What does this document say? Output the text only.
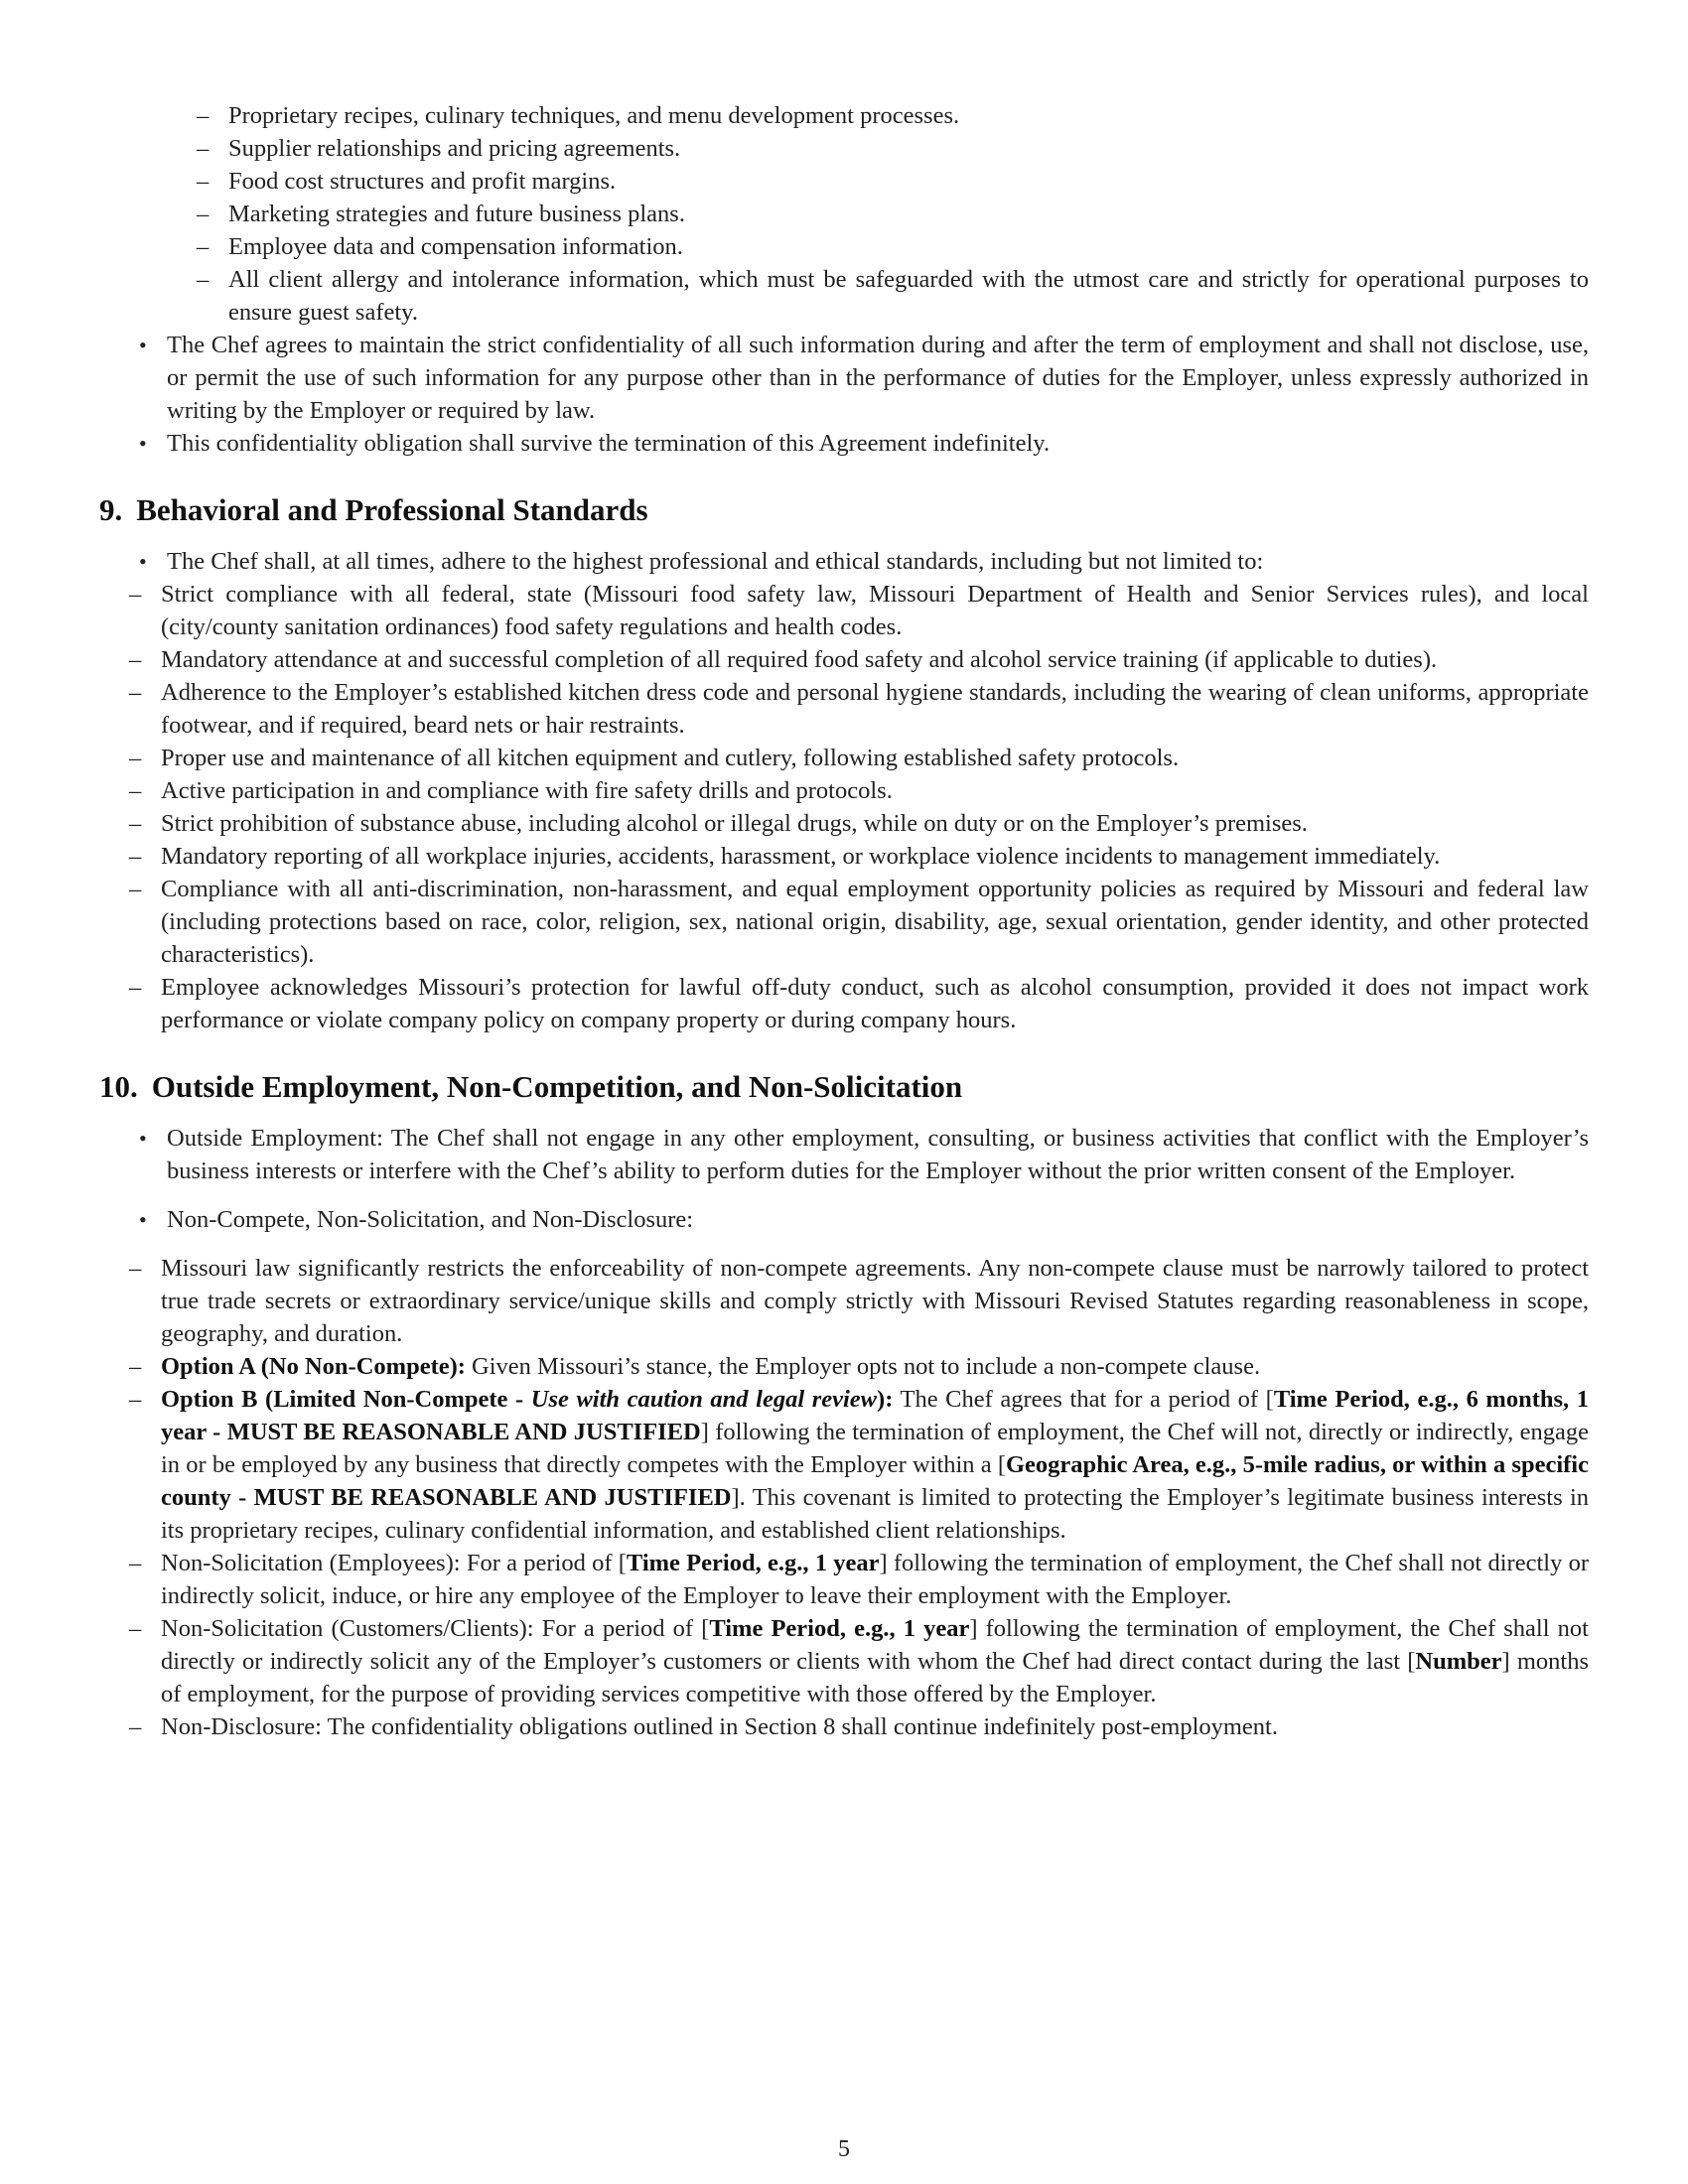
– Proprietary recipes, culinary techniques, and menu development processes.
– Supplier relationships and pricing agreements.
– Food cost structures and profit margins.
– Marketing strategies and future business plans.
– Employee data and compensation information.
– All client allergy and intolerance information, which must be safeguarded with the utmost care and strictly for operational purposes to ensure guest safety.
• The Chef agrees to maintain the strict confidentiality of all such information during and after the term of employment and shall not disclose, use, or permit the use of such information for any purpose other than in the performance of duties for the Employer, unless expressly authorized in writing by the Employer or required by law.
• This confidentiality obligation shall survive the termination of this Agreement indefinitely.
9. Behavioral and Professional Standards
• The Chef shall, at all times, adhere to the highest professional and ethical standards, including but not limited to:
– Strict compliance with all federal, state (Missouri food safety law, Missouri Department of Health and Senior Services rules), and local (city/county sanitation ordinances) food safety regulations and health codes.
– Mandatory attendance at and successful completion of all required food safety and alcohol service training (if applicable to duties).
– Adherence to the Employer’s established kitchen dress code and personal hygiene standards, including the wearing of clean uniforms, appropriate footwear, and if required, beard nets or hair restraints.
– Proper use and maintenance of all kitchen equipment and cutlery, following established safety protocols.
– Active participation in and compliance with fire safety drills and protocols.
– Strict prohibition of substance abuse, including alcohol or illegal drugs, while on duty or on the Employer’s premises.
– Mandatory reporting of all workplace injuries, accidents, harassment, or workplace violence incidents to management immediately.
– Compliance with all anti-discrimination, non-harassment, and equal employment opportunity policies as required by Missouri and federal law (including protections based on race, color, religion, sex, national origin, disability, age, sexual orientation, gender identity, and other protected characteristics).
– Employee acknowledges Missouri’s protection for lawful off-duty conduct, such as alcohol consumption, provided it does not impact work performance or violate company policy on company property or during company hours.
10. Outside Employment, Non-Competition, and Non-Solicitation
• Outside Employment: The Chef shall not engage in any other employment, consulting, or business activities that conflict with the Employer’s business interests or interfere with the Chef’s ability to perform duties for the Employer without the prior written consent of the Employer.
• Non-Compete, Non-Solicitation, and Non-Disclosure:
– Missouri law significantly restricts the enforceability of non-compete agreements. Any non-compete clause must be narrowly tailored to protect true trade secrets or extraordinary service/unique skills and comply strictly with Missouri Revised Statutes regarding reasonableness in scope, geography, and duration.
– Option A (No Non-Compete): Given Missouri’s stance, the Employer opts not to include a non-compete clause.
– Option B (Limited Non-Compete - Use with caution and legal review): The Chef agrees that for a period of [Time Period, e.g., 6 months, 1 year - MUST BE REASONABLE AND JUSTIFIED] following the termination of employment, the Chef will not, directly or indirectly, engage in or be employed by any business that directly competes with the Employer within a [Geographic Area, e.g., 5-mile radius, or within a specific county - MUST BE REASONABLE AND JUSTIFIED]. This covenant is limited to protecting the Employer’s legitimate business interests in its proprietary recipes, culinary confidential information, and established client relationships.
– Non-Solicitation (Employees): For a period of [Time Period, e.g., 1 year] following the termination of employment, the Chef shall not directly or indirectly solicit, induce, or hire any employee of the Employer to leave their employment with the Employer.
– Non-Solicitation (Customers/Clients): For a period of [Time Period, e.g., 1 year] following the termination of employment, the Chef shall not directly or indirectly solicit any of the Employer’s customers or clients with whom the Chef had direct contact during the last [Number] months of employment, for the purpose of providing services competitive with those offered by the Employer.
– Non-Disclosure: The confidentiality obligations outlined in Section 8 shall continue indefinitely post-employment.
5
